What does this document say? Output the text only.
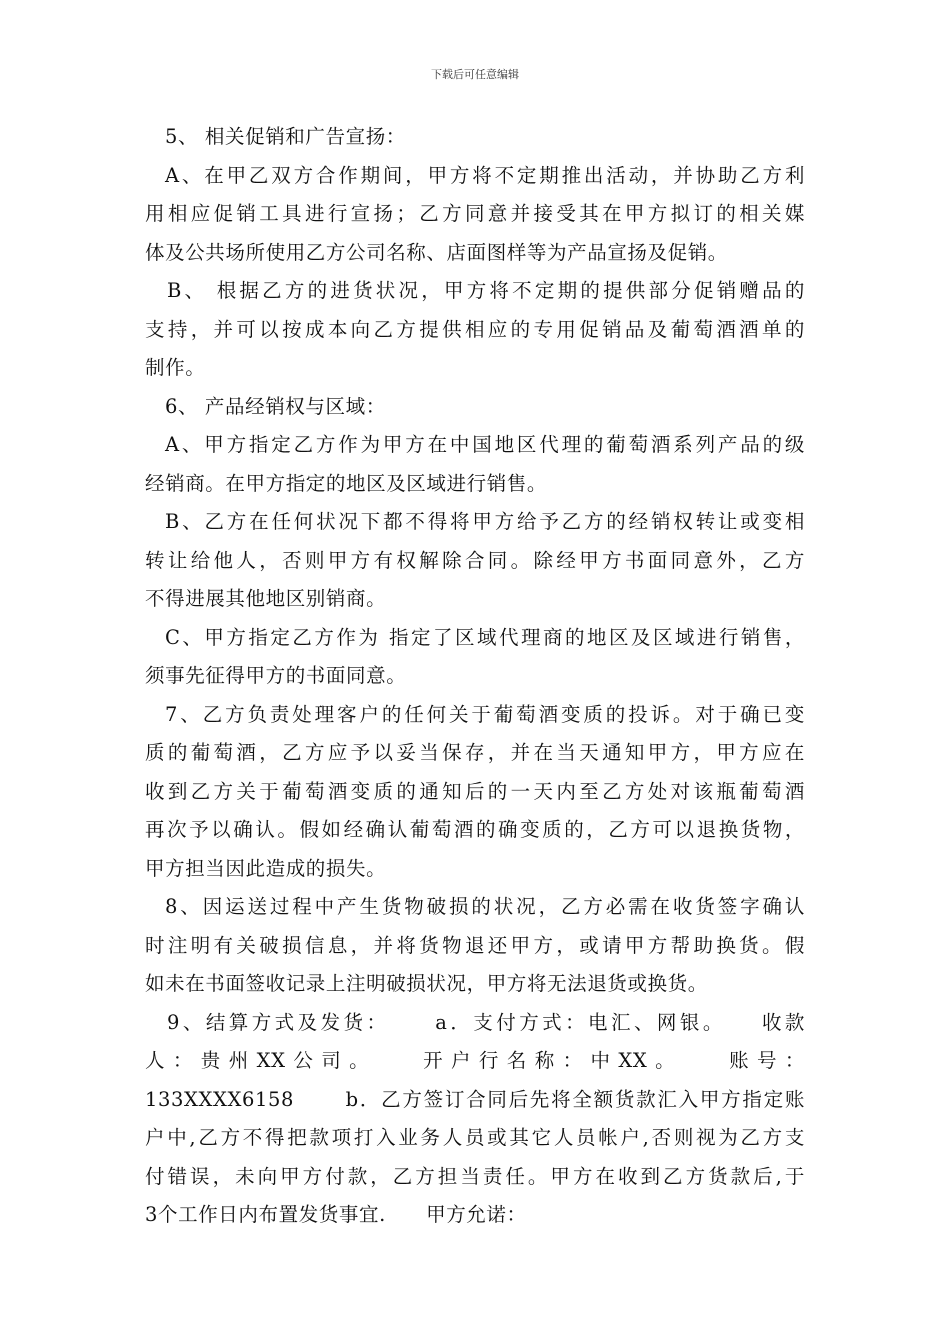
下载后可任意编辑
5、 相关促销和广告宣扬：
A、在甲乙双方合作期间，甲方将不定期推出活动，并协助乙方利
用相应促销工具进行宣扬；乙方同意并接受其在甲方拟订的相关媒
体及公共场所使用乙方公司名称、店面图样等为产品宣扬及促销。
B、 根据乙方的进货状况，甲方将不定期的提供部分促销赠品的
支持，并可以按成本向乙方提供相应的专用促销品及葡萄酒酒单的
制作。
6、 产品经销权与区域：
A、甲方指定乙方作为甲方在中国地区代理的葡萄酒系列产品的级
经销商。在甲方指定的地区及区域进行销售。
B、乙方在任何状况下都不得将甲方给予乙方的经销权转让或变相
转让给他人，否则甲方有权解除合同。除经甲方书面同意外，乙方
不得进展其他地区别销商。
C、甲方指定乙方作为 指定了区域代理商的地区及区域进行销售，
须事先征得甲方的书面同意。
7、乙方负责处理客户的任何关于葡萄酒变质的投诉。对于确已变
质的葡萄酒，乙方应予以妥当保存，并在当天通知甲方，甲方应在
收到乙方关于葡萄酒变质的通知后的一天内至乙方处对该瓶葡萄酒
再次予以确认。假如经确认葡萄酒的确变质的，乙方可以退换货物，
甲方担当因此造成的损失。
8、因运送过程中产生货物破损的状况，乙方必需在收货签字确认
时注明有关破损信息，并将货物退还甲方，或请甲方帮助换货。假
如未在书面签收记录上注明破损状况，甲方将无法退货或换货。
9、结算方式及发货：　　 a．支付方式：电汇、网银。　　收款
人：贵州XX公司。　　开户行名称：中XX。　　账号：
133XXXX6158　　 b．乙方签订合同后先将全额货款汇入甲方指定账
户中,乙方不得把款项打入业务人员或其它人员帐户,否则视为乙方支
付错误，未向甲方付款，乙方担当责任。甲方在收到乙方货款后,于
3个工作日内布置发货事宜.　　甲方允诺：
